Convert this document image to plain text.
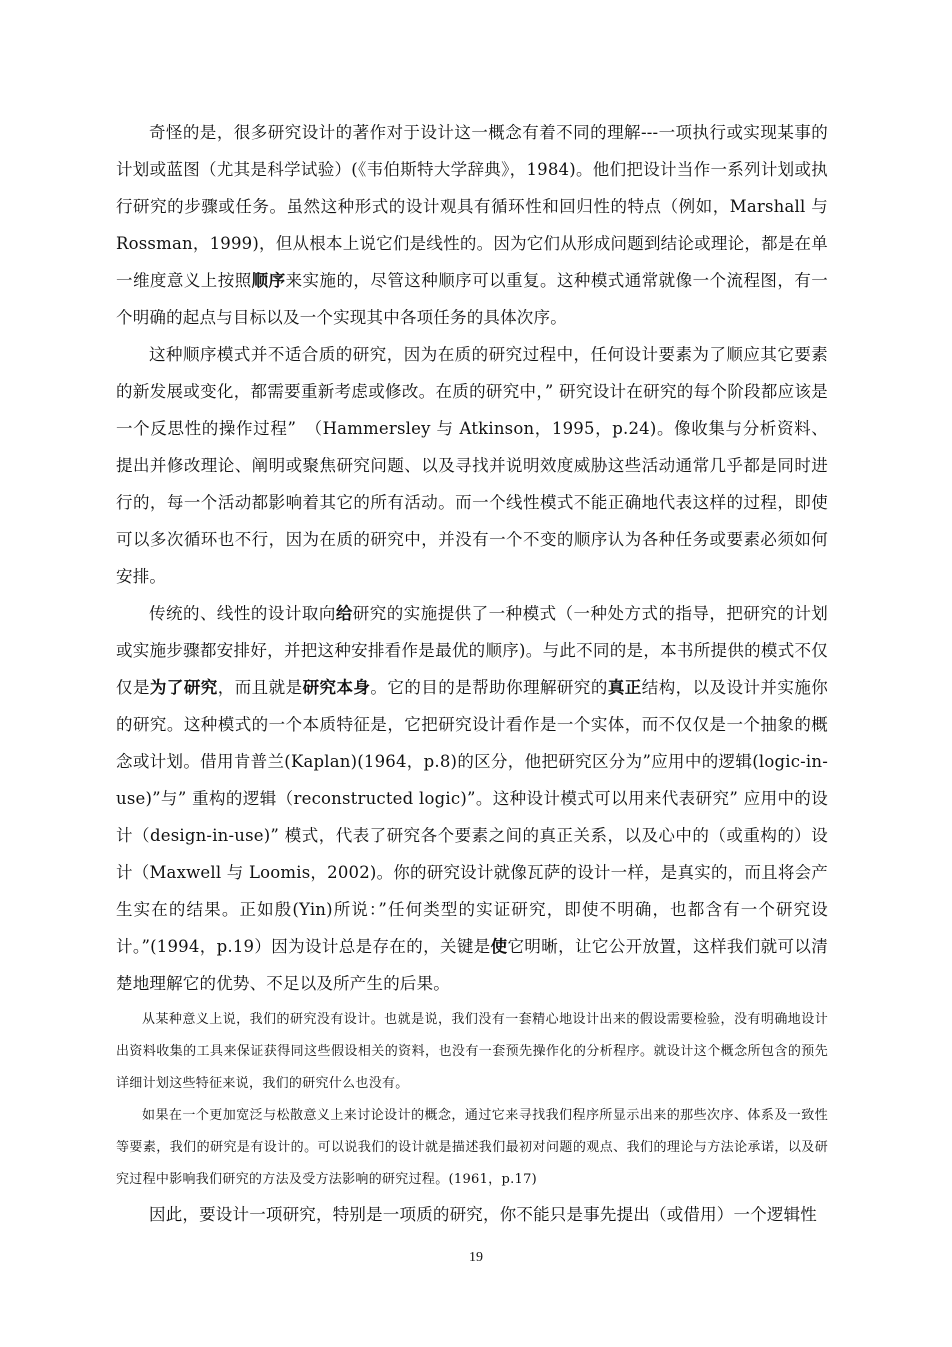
奇怪的是，很多研究设计的著作对于设计这一概念有着不同的理解---一项执行或实现某事的计划或蓝图（尤其是科学试验）(《韦伯斯特大学辞典》，1984)。他们把设计当作一系列计划或执行研究的步骤或任务。虽然这种形式的设计观具有循环性和回归性的特点（例如，Marshall 与 Rossman，1999)，但从根本上说它们是线性的。因为它们从形成问题到结论或理论，都是在单一维度意义上按照顺序来实施的，尽管这种顺序可以重复。这种模式通常就像一个流程图，有一个明确的起点与目标以及一个实现其中各项任务的具体次序。

这种顺序模式并不适合质的研究，因为在质的研究过程中，任何设计要素为了顺应其它要素的新发展或变化，都需要重新考虑或修改。在质的研究中，” 研究设计在研究的每个阶段都应该是一个反思性的操作过程”　（Hammersley 与 Atkinson，1995，p.24)。像收集与分析资料、提出并修改理论、阐明或聚焦研究问题、以及寻找并说明效度威胁这些活动通常几乎都是同时进行的，每一个活动都影响着其它的所有活动。而一个线性模式不能正确地代表这样的过程，即使可以多次循环也不行，因为在质的研究中，并没有一个不变的顺序认为各种任务或要素必须如何安排。

传统的、线性的设计取向给研究的实施提供了一种模式（一种处方式的指导，把研究的计划或实施步骤都安排好，并把这种安排看作是最优的顺序)。与此不同的是，本书所提供的模式不仅仅是为了研究，而且就是研究本身。它的目的是帮助你理解研究的真正结构，以及设计并实施你的研究。这种模式的一个本质特征是，它把研究设计看作是一个实体，而不仅仅是一个抽象的概念或计划。借用肯普兰(Kaplan)(1964，p.8)的区分，他把研究区分为”应用中的逻辑(logic-in-use)”与” 重构的逻辑（reconstructed logic)”。这种设计模式可以用来代表研究” 应用中的设计（design-in-use)” 模式，代表了研究各个要素之间的真正关系，以及心中的（或重构的）设计（Maxwell 与 Loomis，2002)。你的研究设计就像瓦萨的设计一样，是真实的，而且将会产生实在的结果。正如殷(Yin)所说：”任何类型的实证研究，即使不明确，也都含有一个研究设计。”(1994，p.19）因为设计总是存在的，关键是使它明晰，让它公开放置，这样我们就可以清楚地理解它的优势、不足以及所产生的后果。

从某种意义上说，我们的研究没有设计。也就是说，我们没有一套精心地设计出来的假设需要检验，没有明确地设计出资料收集的工具来保证获得同这些假设相关的资料，也没有一套预先操作化的分析程序。就设计这个概念所包含的预先详细计划这些特征来说，我们的研究什么也没有。

如果在一个更加宽泛与松散意义上来讨论设计的概念，通过它来寻找我们程序所显示出来的那些次序、体系及一致性等要素，我们的研究是有设计的。可以说我们的设计就是描述我们最初对问题的观点、我们的理论与方法论承诺，以及研究过程中影响我们研究的方法及受方法影响的研究过程。(1961，p.17)

因此，要设计一项研究，特别是一项质的研究，你不能只是事先提出（或借用）一个逻辑性

19
